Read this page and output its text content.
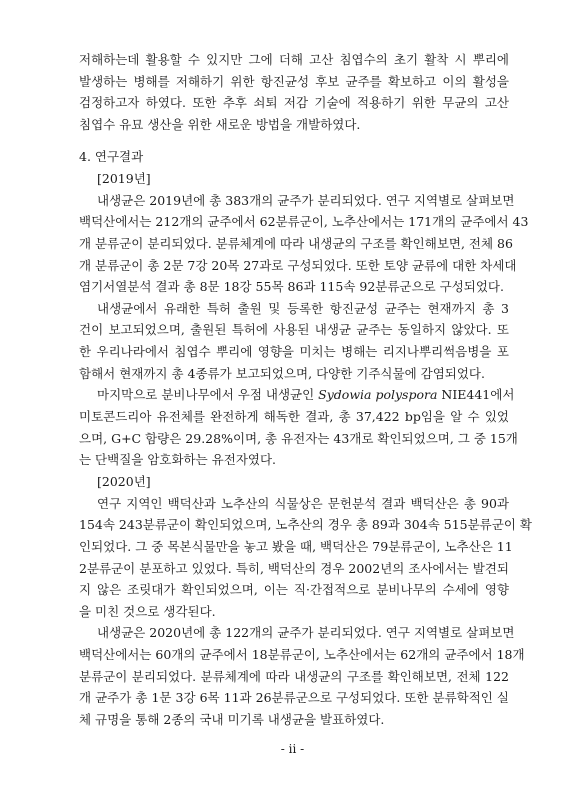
저해하는데 활용할 수 있지만 그에 더해 고산 침엽수의 초기 활착 시 뿌리에
발생하는 병해를 저해하기 위한 항진균성 후보 균주를 확보하고 이의 활성을
검정하고자 하였다. 또한 추후 쇠퇴 저감 기술에 적용하기 위한 무균의 고산
침엽수 유묘 생산을 위한 새로운 방법을 개발하였다.
4. 연구결과
[2019년]
내생균은 2019년에 총 383개의 균주가 분리되었다. 연구 지역별로 살펴보면
백덕산에서는 212개의 균주에서 62분류군이, 노추산에서는 171개의 균주에서 43
개 분류군이 분리되었다. 분류체계에 따라 내생균의 구조를 확인해보면, 전체 86
개 분류군이 총 2문 7강 20목 27과로 구성되었다. 또한 토양 균류에 대한 차세대
염기서열분석 결과 총 8문 18강 55목 86과 115속 92분류군으로 구성되었다.
내생균에서 유래한 특허 출원 및 등록한 항진균성 균주는 현재까지 총 3
건이 보고되었으며, 출원된 특허에 사용된 내생균 균주는 동일하지 않았다. 또
한 우리나라에서 침엽수 뿌리에 영향을 미치는 병해는 리지나뿌리썩음병을 포
함해서 현재까지 총 4종류가 보고되었으며, 다양한 기주식물에 감염되었다.
마지막으로 분비나무에서 우점 내생균인 Sydowia polyspora NIE441에서
미토콘드리아 유전체를 완전하게 해독한 결과, 총 37,422 bp임을 알 수 있었
으며, G+C 함량은 29.28%이며, 총 유전자는 43개로 확인되었으며, 그 중 15개
는 단백질을 암호화하는 유전자였다.
[2020년]
연구 지역인 백덕산과 노추산의 식물상은 문헌분석 결과 백덕산은 총 90과
154속 243분류군이 확인되었으며, 노추산의 경우 총 89과 304속 515분류군이 확
인되었다. 그 중 목본식물만을 놓고 봤을 때, 백덕산은 79분류군이, 노추산은 11
2분류군이 분포하고 있었다. 특히, 백덕산의 경우 2002년의 조사에서는 발견되
지 않은 조릿대가 확인되었으며, 이는 직·간접적으로 분비나무의 수세에 영향
을 미친 것으로 생각된다.
내생균은 2020년에 총 122개의 균주가 분리되었다. 연구 지역별로 살펴보면
백덕산에서는 60개의 균주에서 18분류군이, 노추산에서는 62개의 균주에서 18개
분류군이 분리되었다. 분류체계에 따라 내생균의 구조를 확인해보면, 전체 122
개 균주가 총 1문 3강 6목 11과 26분류군으로 구성되었다. 또한 분류학적인 실
체 규명을 통해 2종의 국내 미기록 내생균을 발표하였다.
- ii -
